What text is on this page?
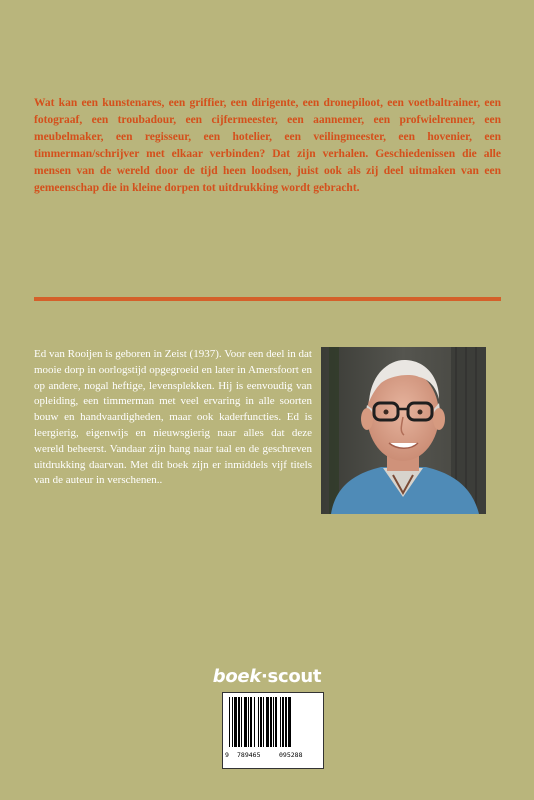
Wat kan een kunstenares, een griffier, een dirigente, een dronepiloot, een voetbaltrainer, een fotograaf, een troubadour, een cijfermeester, een aannemer, een profwielrenner, een meubelmaker, een regisseur, een hotelier, een veilingmeester, een hovenier, een timmerman/schrijver met elkaar verbinden? Dat zijn verhalen. Geschiedenissen die alle mensen van de wereld door de tijd heen loodsen, juist ook als zij deel uitmaken van een gemeenschap die in kleine dorpen tot uitdrukking wordt gebracht.

Ed van Rooijen is geboren in Zeist (1937). Voor een deel in dat mooie dorp in oorlogstijd opgegroeid en later in Amersfoort en op andere, nogal heftige, levensplekken. Hij is eenvoudig van opleiding, een timmerman met veel ervaring in alle soorten bouw en handvaardigheden, maar ook kaderfuncties. Ed is leergierig, eigenwijs en nieuwsgierig naar alles dat deze wereld beheerst. Vandaar zijn hang naar taal en de geschreven uitdrukking daarvan. Met dit boek zijn er inmiddels vijf titels van de auteur in verschenen..

boek·scout
9 789465	095288
